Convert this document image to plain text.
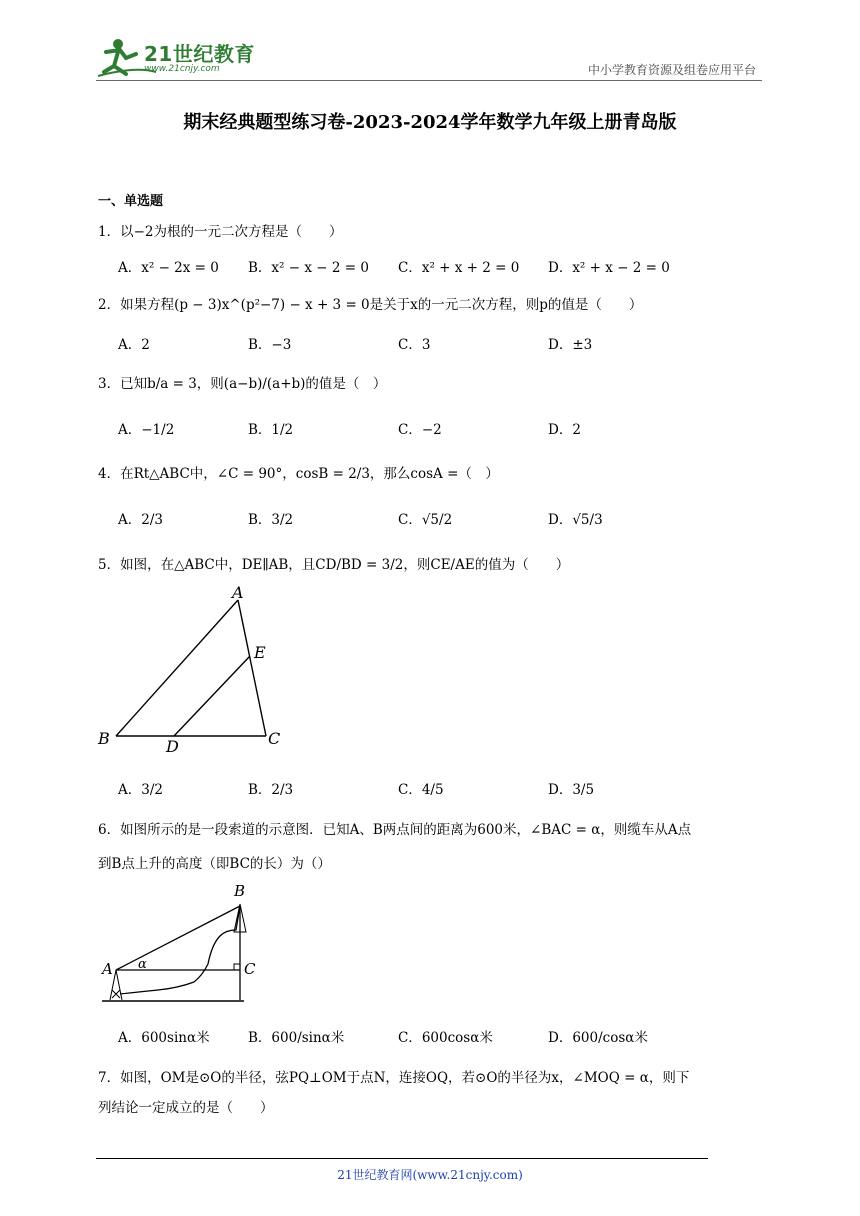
21世纪教育
www.21cnjy.com	中小学教育资源及组卷应用平台
期末经典题型练习卷-2023-2024学年数学九年级上册青岛版
一、单选题
1．以−2为根的一元二次方程是（　　）
A．x² − 2x = 0 B．x² − x − 2 = 0 C．x² + x + 2 = 0 D．x² + x − 2 = 0
2．如果方程(p − 3)x^(p²−7) − x + 3 = 0是关于x的一元二次方程，则p的值是（　　）
A．2	B．−3	C．3	D．±3
3．已知b/a = 3，则(a−b)/(a+b)的值是（　）
A．−1/2	B．1/2	C．−2	D．2
4．在Rt△ABC中，∠C = 90°，cosB = 2/3，那么cosA =（　）
A．2/3	B．3/2	C．√5/2	D．√5/3
5．如图，在△ABC中，DE∥AB，且CD/BD = 3/2，则CE/AE的值为（　　）
A
E
B	D	C
A．3/2	B．2/3	C．4/5	D．3/5
6．如图所示的是一段索道的示意图．已知A、B两点间的距离为600米，∠BAC = α，则缆车从A点
到B点上升的高度（即BC的长）为（）
B
A α	C
A．600sinα米	B．600/sinα米	C．600cosα米	D．600/cosα米
7．如图，OM是⊙O的半径，弦PQ⊥OM于点N，连接OQ，若⊙O的半径为x，∠MOQ = α，则下
列结论一定成立的是（　　）
21世纪教育网(www.21cnjy.com)
